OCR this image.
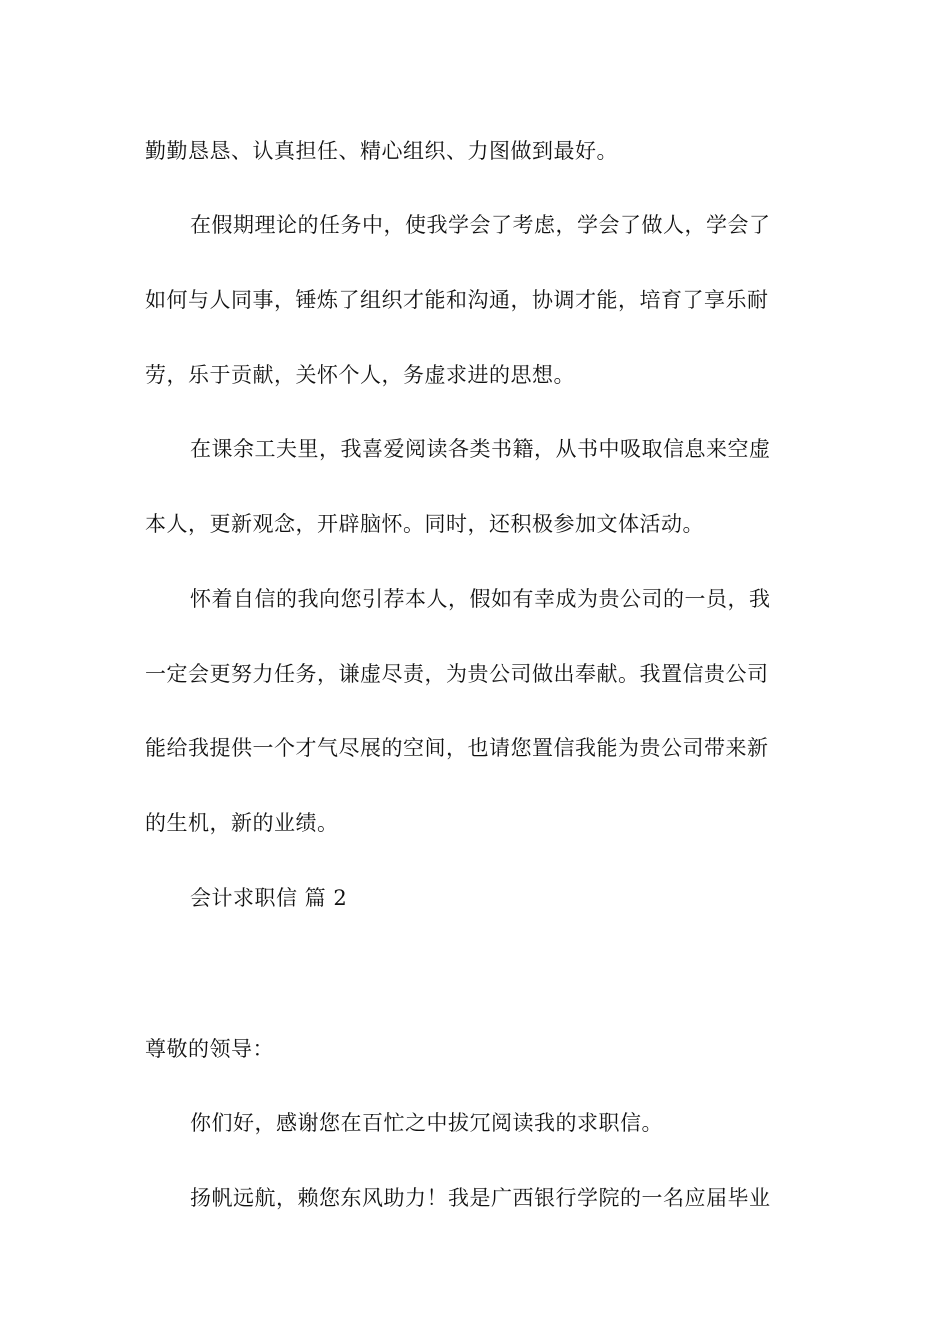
勤勤恳恳、认真担任、精心组织、力图做到最好。
在假期理论的任务中，使我学会了考虑，学会了做人，学会了
如何与人同事，锤炼了组织才能和沟通，协调才能，培育了享乐耐
劳，乐于贡献，关怀个人，务虚求进的思想。
在课余工夫里，我喜爱阅读各类书籍，从书中吸取信息来空虚
本人，更新观念，开辟脑怀。同时，还积极参加文体活动。
怀着自信的我向您引荐本人，假如有幸成为贵公司的一员，我
一定会更努力任务，谦虚尽责，为贵公司做出奉献。我置信贵公司
能给我提供一个才气尽展的空间，也请您置信我能为贵公司带来新
的生机，新的业绩。
会计求职信 篇 2
尊敬的领导：
你们好，感谢您在百忙之中拔冗阅读我的求职信。
扬帆远航，赖您东风助力！我是广西银行学院的一名应届毕业
